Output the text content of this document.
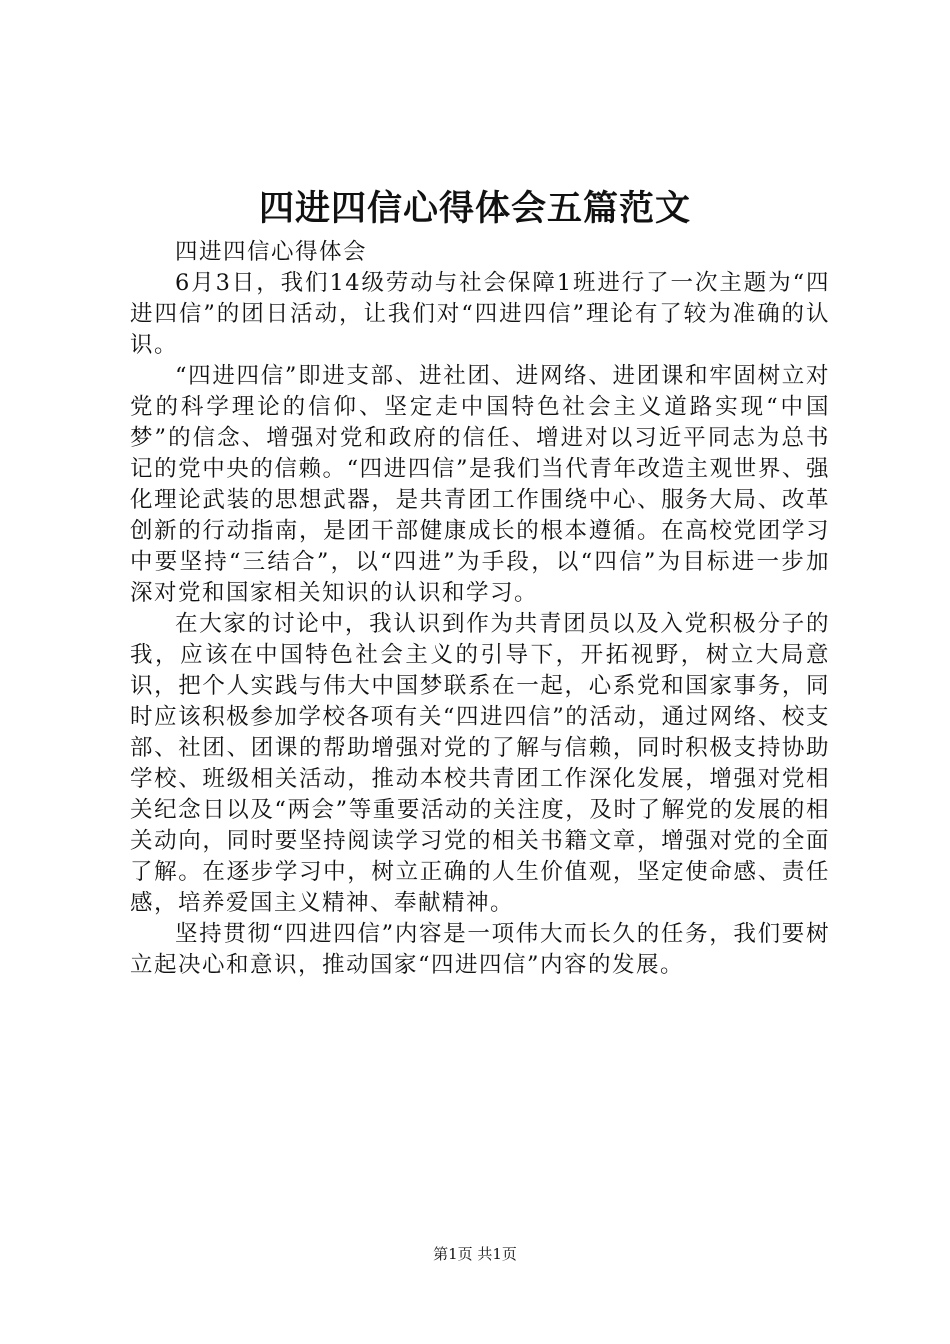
四进四信心得体会五篇范文

四进四信心得体会

6月3日，我们14级劳动与社会保障1班进行了一次主题为“四进四信”的团日活动，让我们对“四进四信”理论有了较为准确的认识。

“四进四信”即进支部、进社团、进网络、进团课和牢固树立对党的科学理论的信仰、坚定走中国特色社会主义道路实现“中国梦”的信念、增强对党和政府的信任、增进对以习近平同志为总书记的党中央的信赖。“四进四信”是我们当代青年改造主观世界、强化理论武装的思想武器，是共青团工作围绕中心、服务大局、改革创新的行动指南，是团干部健康成长的根本遵循。在高校党团学习中要坚持“三结合”，以“四进”为手段，以“四信”为目标进一步加深对党和国家相关知识的认识和学习。

在大家的讨论中，我认识到作为共青团员以及入党积极分子的我，应该在中国特色社会主义的引导下，开拓视野，树立大局意识，把个人实践与伟大中国梦联系在一起，心系党和国家事务，同时应该积极参加学校各项有关“四进四信”的活动，通过网络、校支部、社团、团课的帮助增强对党的了解与信赖，同时积极支持协助学校、班级相关活动，推动本校共青团工作深化发展，增强对党相关纪念日以及“两会”等重要活动的关注度，及时了解党的发展的相关动向，同时要坚持阅读学习党的相关书籍文章，增强对党的全面了解。在逐步学习中，树立正确的人生价值观，坚定使命感、责任感，培养爱国主义精神、奉献精神。

坚持贯彻“四进四信”内容是一项伟大而长久的任务，我们要树立起决心和意识，推动国家“四进四信”内容的发展。

第1页 共1页
